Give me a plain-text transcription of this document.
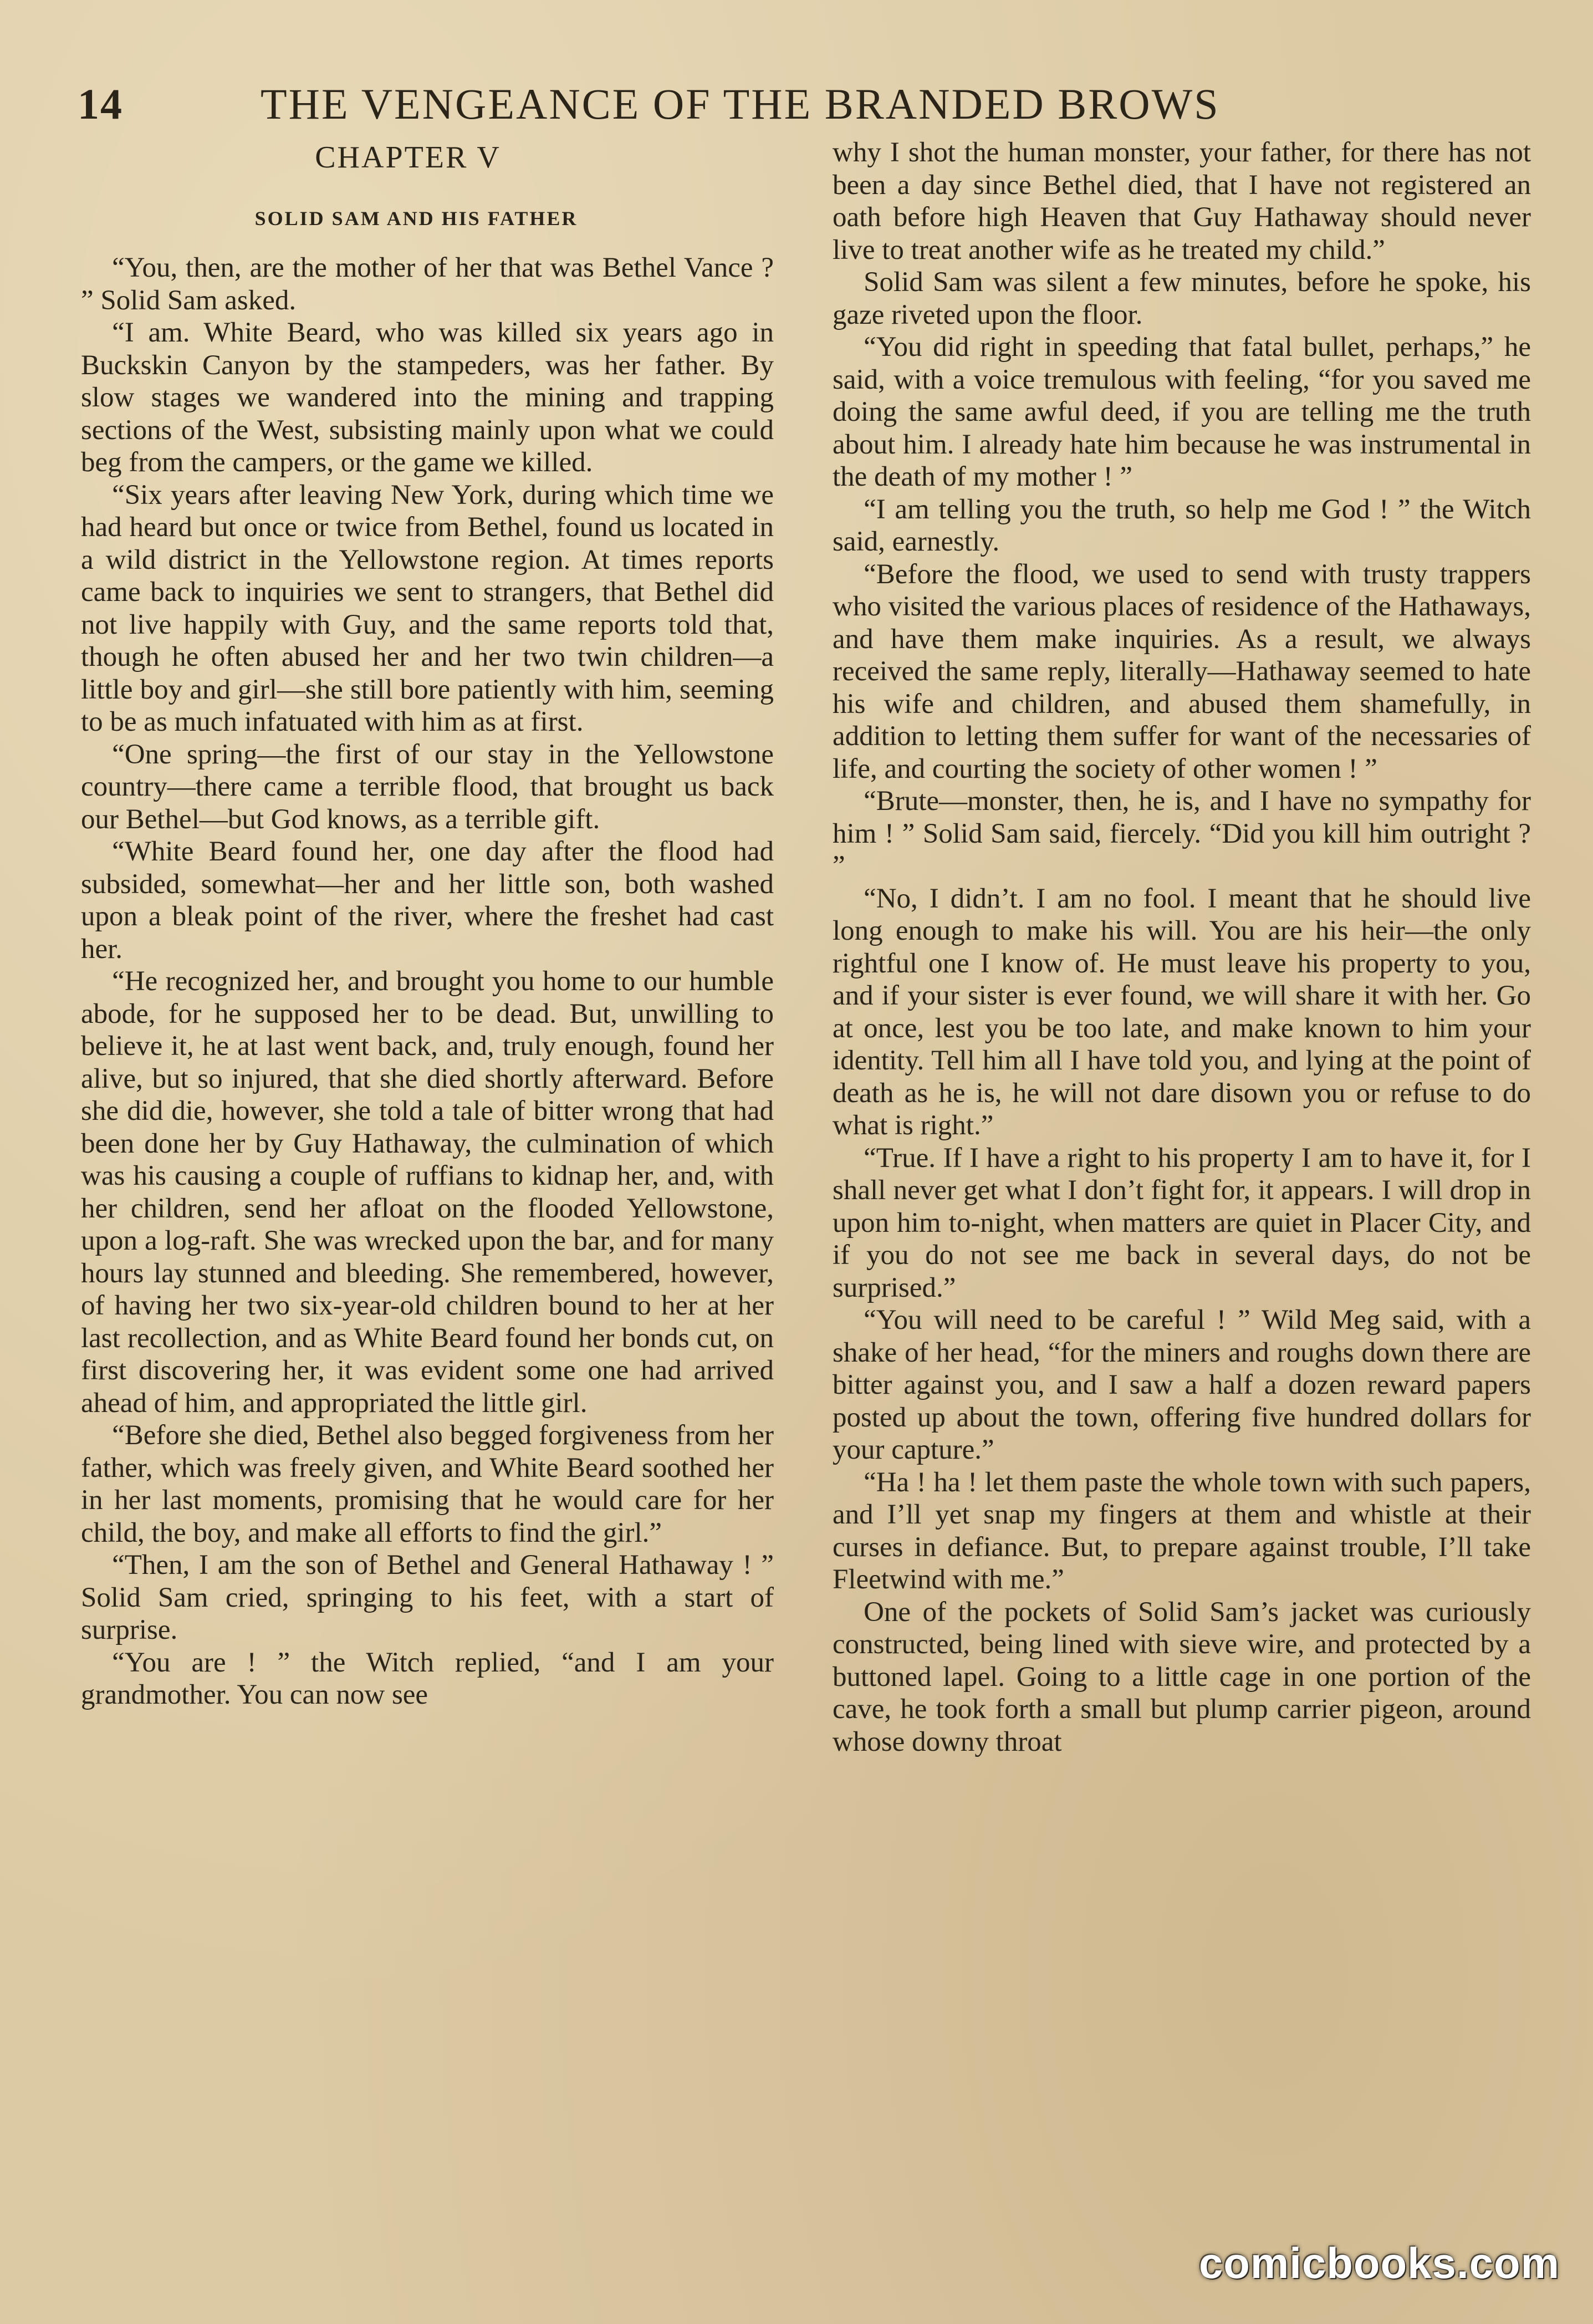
14	THE VENGEANCE OF THE BRANDED BROWS
CHAPTER V
SOLID SAM AND HIS FATHER

“You, then, are the mother of her that was Bethel Vance ? ” Solid Sam asked.

“I am. White Beard, who was killed six years ago in Buckskin Canyon by the stampeders, was her father. By slow stages we wandered into the mining and trapping sections of the West, subsisting mainly upon what we could beg from the campers, or the game we killed.

“Six years after leaving New York, during which time we had heard but once or twice from Bethel, found us located in a wild district in the Yellowstone region. At times reports came back to inquiries we sent to strangers, that Bethel did not live happily with Guy, and the same reports told that, though he often abused her and her two twin children—a little boy and girl—she still bore patiently with him, seeming to be as much infatuated with him as at first.

“One spring—the first of our stay in the Yellowstone country—there came a terrible flood, that brought us back our Bethel—but God knows, as a terrible gift.

“White Beard found her, one day after the flood had subsided, somewhat—her and her little son, both washed upon a bleak point of the river, where the freshet had cast her.

“He recognized her, and brought you home to our humble abode, for he supposed her to be dead. But, unwilling to believe it, he at last went back, and, truly enough, found her alive, but so injured, that she died shortly afterward. Before she did die, however, she told a tale of bitter wrong that had been done her by Guy Hathaway, the culmination of which was his causing a couple of ruffians to kidnap her, and, with her children, send her afloat on the flooded Yellowstone, upon a log-raft. She was wrecked upon the bar, and for many hours lay stunned and bleeding. She remembered, however, of having her two six-year-old children bound to her at her last recollection, and as White Beard found her bonds cut, on first discovering her, it was evident some one had arrived ahead of him, and appropriated the little girl.

“Before she died, Bethel also begged forgiveness from her father, which was freely given, and White Beard soothed her in her last moments, promising that he would care for her child, the boy, and make all efforts to find the girl.”

“Then, I am the son of Bethel and General Hathaway ! ” Solid Sam cried, springing to his feet, with a start of surprise.

“You are ! ” the Witch replied, “and I am your grandmother. You can now see

why I shot the human monster, your father, for there has not been a day since Bethel died, that I have not registered an oath before high Heaven that Guy Hathaway should never live to treat another wife as he treated my child.”

Solid Sam was silent a few minutes, before he spoke, his gaze riveted upon the floor.

“You did right in speeding that fatal bullet, perhaps,” he said, with a voice tremulous with feeling, “for you saved me doing the same awful deed, if you are telling me the truth about him. I already hate him because he was instrumental in the death of my mother ! ”

“I am telling you the truth, so help me God ! ” the Witch said, earnestly.

“Before the flood, we used to send with trusty trappers who visited the various places of residence of the Hathaways, and have them make inquiries. As a result, we always received the same reply, literally—Hathaway seemed to hate his wife and children, and abused them shamefully, in addition to letting them suffer for want of the necessaries of life, and courting the society of other women ! ”

“Brute—monster, then, he is, and I have no sympathy for him ! ” Solid Sam said, fiercely. “Did you kill him outright ? ”

“No, I didn’t. I am no fool. I meant that he should live long enough to make his will. You are his heir—the only rightful one I know of. He must leave his property to you, and if your sister is ever found, we will share it with her. Go at once, lest you be too late, and make known to him your identity. Tell him all I have told you, and lying at the point of death as he is, he will not dare disown you or refuse to do what is right.”

“True. If I have a right to his property I am to have it, for I shall never get what I don’t fight for, it appears. I will drop in upon him to-night, when matters are quiet in Placer City, and if you do not see me back in several days, do not be surprised.”

“You will need to be careful ! ” Wild Meg said, with a shake of her head, “for the miners and roughs down there are bitter against you, and I saw a half a dozen reward papers posted up about the town, offering five hundred dollars for your capture.”

“Ha ! ha ! let them paste the whole town with such papers, and I’ll yet snap my fingers at them and whistle at their curses in defiance. But, to prepare against trouble, I’ll take Fleetwind with me.”

One of the pockets of Solid Sam’s jacket was curiously constructed, being lined with sieve wire, and protected by a buttoned lapel. Going to a little cage in one portion of the cave, he took forth a small but plump carrier pigeon, around whose downy throat

comicbooks.com
